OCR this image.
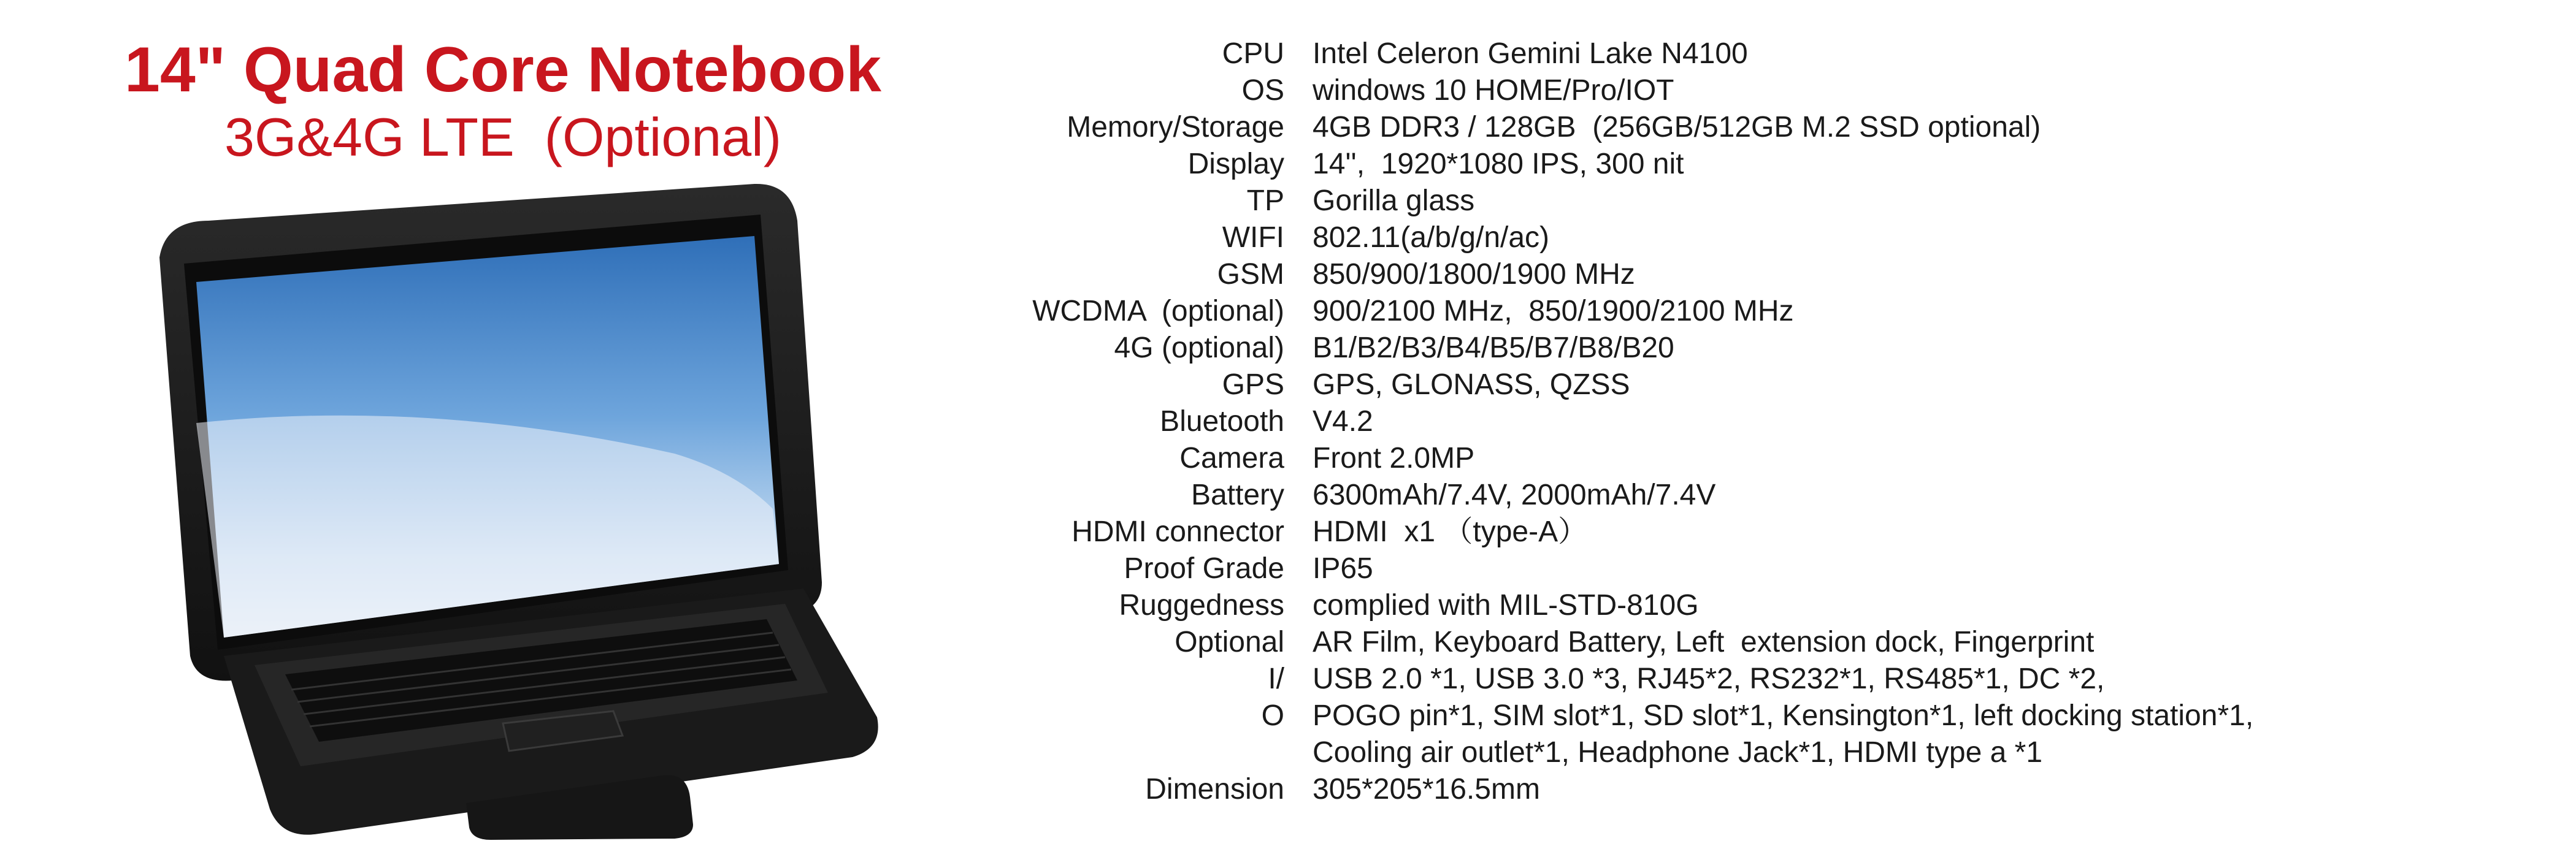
14" Quad Core Notebook
3G&4G LTE  (Optional)
CPU	Intel Celeron Gemini Lake N4100
OS	windows 10 HOME/Pro/IOT
Memory/Storage	4GB DDR3 / 128GB  (256GB/512GB M.2 SSD optional)
Display	14'',  1920*1080 IPS, 300 nit
TP	Gorilla glass
WIFI	802.11(a/b/g/n/ac)
GSM	850/900/1800/1900 MHz
WCDMA  (optional)	900/2100 MHz,  850/1900/2100 MHz
4G (optional)	B1/B2/B3/B4/B5/B7/B8/B20
GPS	GPS, GLONASS, QZSS
Bluetooth	V4.2
Camera	Front 2.0MP
Battery	6300mAh/7.4V, 2000mAh/7.4V
HDMI connector	HDMI  x1 （type-A）
Proof Grade	IP65
Ruggedness	complied with MIL-STD-810G
Optional	AR Film, Keyboard Battery, Left  extension dock, Fingerprint
I/	USB 2.0 *1, USB 3.0 *3, RJ45*2, RS232*1, RS485*1, DC *2,
O	POGO pin*1, SIM slot*1, SD slot*1, Kensington*1, left docking station*1,
	Cooling air outlet*1, Headphone Jack*1, HDMI type a *1
Dimension	305*205*16.5mm
